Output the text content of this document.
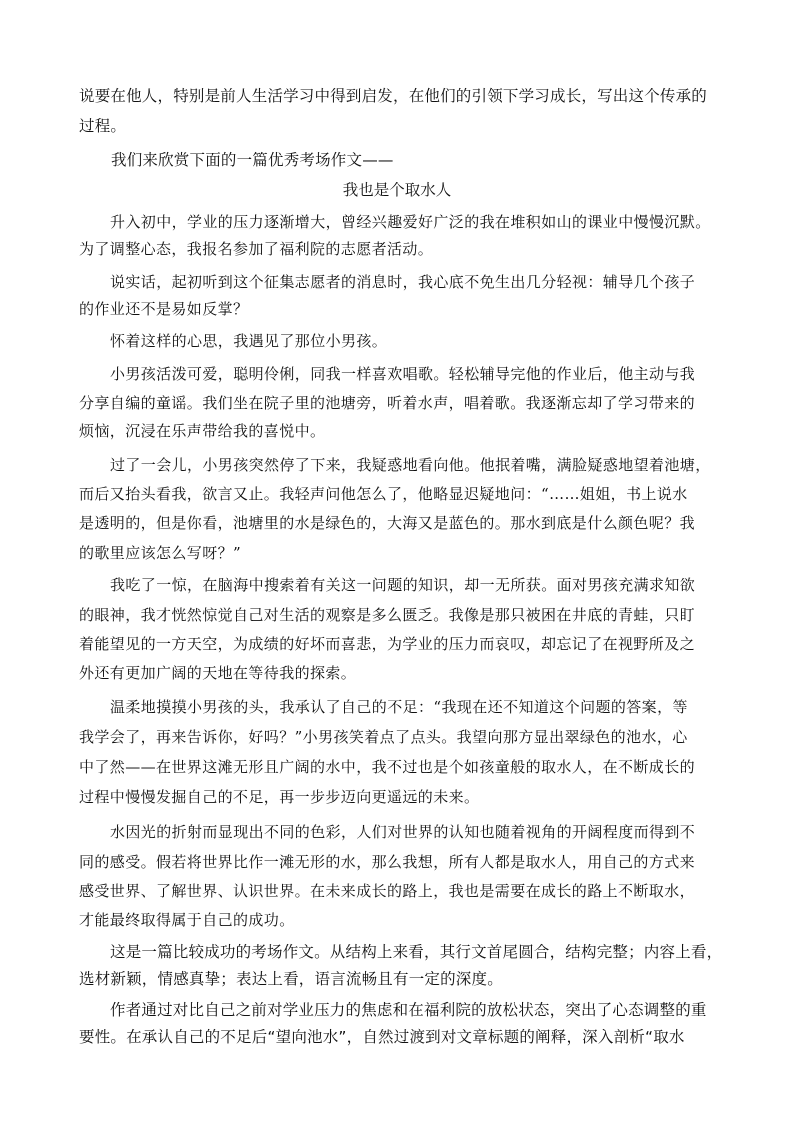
说要在他人，特别是前人生活学习中得到启发，在他们的引领下学习成长，写出这个传承的
过程。
我们来欣赏下面的一篇优秀考场作文——
我也是个取水人
升入初中，学业的压力逐渐增大，曾经兴趣爱好广泛的我在堆积如山的课业中慢慢沉默。
为了调整心态，我报名参加了福利院的志愿者活动。
说实话，起初听到这个征集志愿者的消息时，我心底不免生出几分轻视：辅导几个孩子
的作业还不是易如反掌？
怀着这样的心思，我遇见了那位小男孩。
小男孩活泼可爱，聪明伶俐，同我一样喜欢唱歌。轻松辅导完他的作业后，他主动与我
分享自编的童谣。我们坐在院子里的池塘旁，听着水声，唱着歌。我逐渐忘却了学习带来的
烦恼，沉浸在乐声带给我的喜悦中。
过了一会儿，小男孩突然停了下来，我疑惑地看向他。他抿着嘴，满脸疑惑地望着池塘，
而后又抬头看我，欲言又止。我轻声问他怎么了，他略显迟疑地问：“……姐姐，书上说水
是透明的，但是你看，池塘里的水是绿色的，大海又是蓝色的。那水到底是什么颜色呢？我
的歌里应该怎么写呀？”
我吃了一惊，在脑海中搜索着有关这一问题的知识，却一无所获。面对男孩充满求知欲
的眼神，我才恍然惊觉自己对生活的观察是多么匮乏。我像是那只被困在井底的青蛙，只盯
着能望见的一方天空，为成绩的好坏而喜悲，为学业的压力而哀叹，却忘记了在视野所及之
外还有更加广阔的天地在等待我的探索。
温柔地摸摸小男孩的头，我承认了自己的不足：“我现在还不知道这个问题的答案，等
我学会了，再来告诉你，好吗？”小男孩笑着点了点头。我望向那方显出翠绿色的池水，心
中了然——在世界这滩无形且广阔的水中，我不过也是个如孩童般的取水人，在不断成长的
过程中慢慢发掘自己的不足，再一步步迈向更遥远的未来。
水因光的折射而显现出不同的色彩，人们对世界的认知也随着视角的开阔程度而得到不
同的感受。假若将世界比作一滩无形的水，那么我想，所有人都是取水人，用自己的方式来
感受世界、了解世界、认识世界。在未来成长的路上，我也是需要在成长的路上不断取水，
才能最终取得属于自己的成功。
这是一篇比较成功的考场作文。从结构上来看，其行文首尾圆合，结构完整；内容上看，
选材新颖，情感真挚；表达上看，语言流畅且有一定的深度。
作者通过对比自己之前对学业压力的焦虑和在福利院的放松状态，突出了心态调整的重
要性。在承认自己的不足后“望向池水”，自然过渡到对文章标题的阐释，深入剖析“取水
